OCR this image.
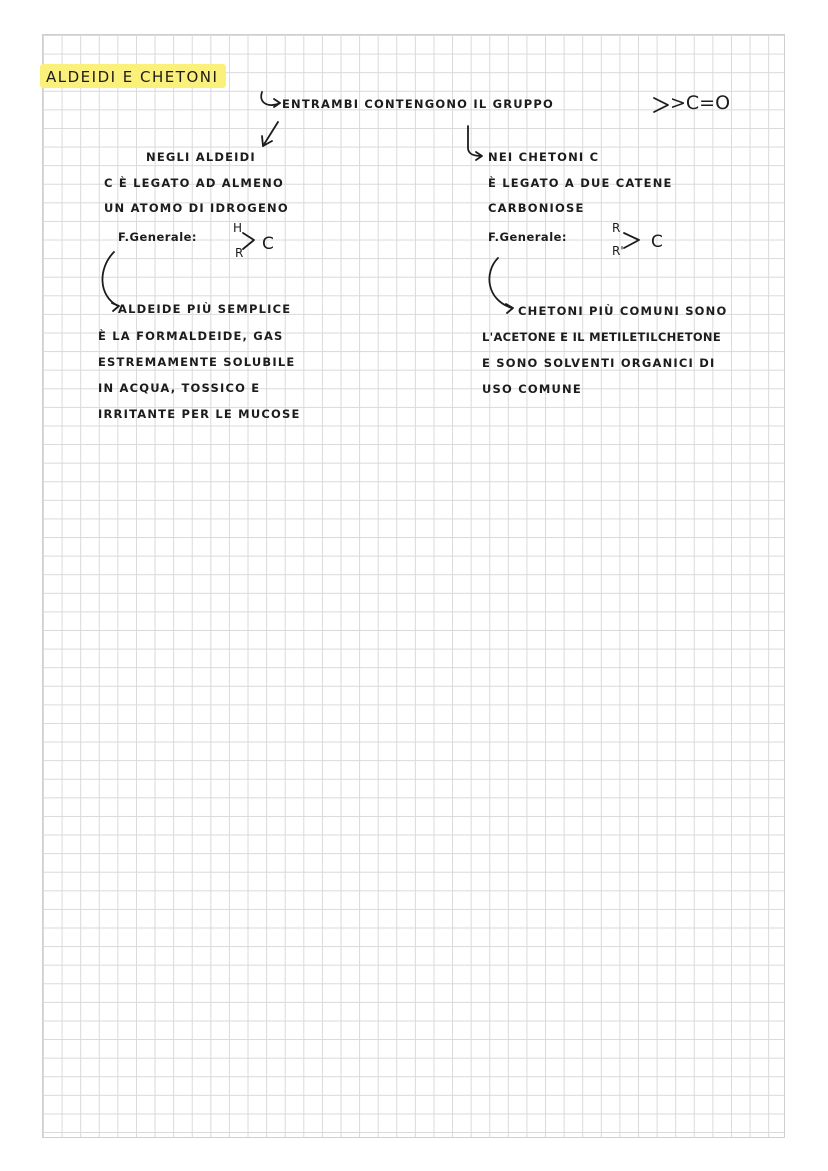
ALDEIDI E CHETONI
ENTRAMBI CONTENGONO IL GRUPPO	>C=O
NEGLI ALDEIDI
C È LEGATO AD ALMENO
UN ATOMO DI IDROGENO
F.Generale:
H
R C
ALDEIDE PIÙ SEMPLICE
È LA FORMALDEIDE, GAS
ESTREMAMENTE SOLUBILE
IN ACQUA, TOSSICO E
IRRITANTE PER LE MUCOSE
NEI CHETONI C
È LEGATO A DUE CATENE
CARBONIOSE
F.Generale:
R
R' C
CHETONI PIÙ COMUNI SONO
L'ACETONE E IL METILETILCHETONE
E SONO SOLVENTI ORGANICI DI
USO COMUNE
